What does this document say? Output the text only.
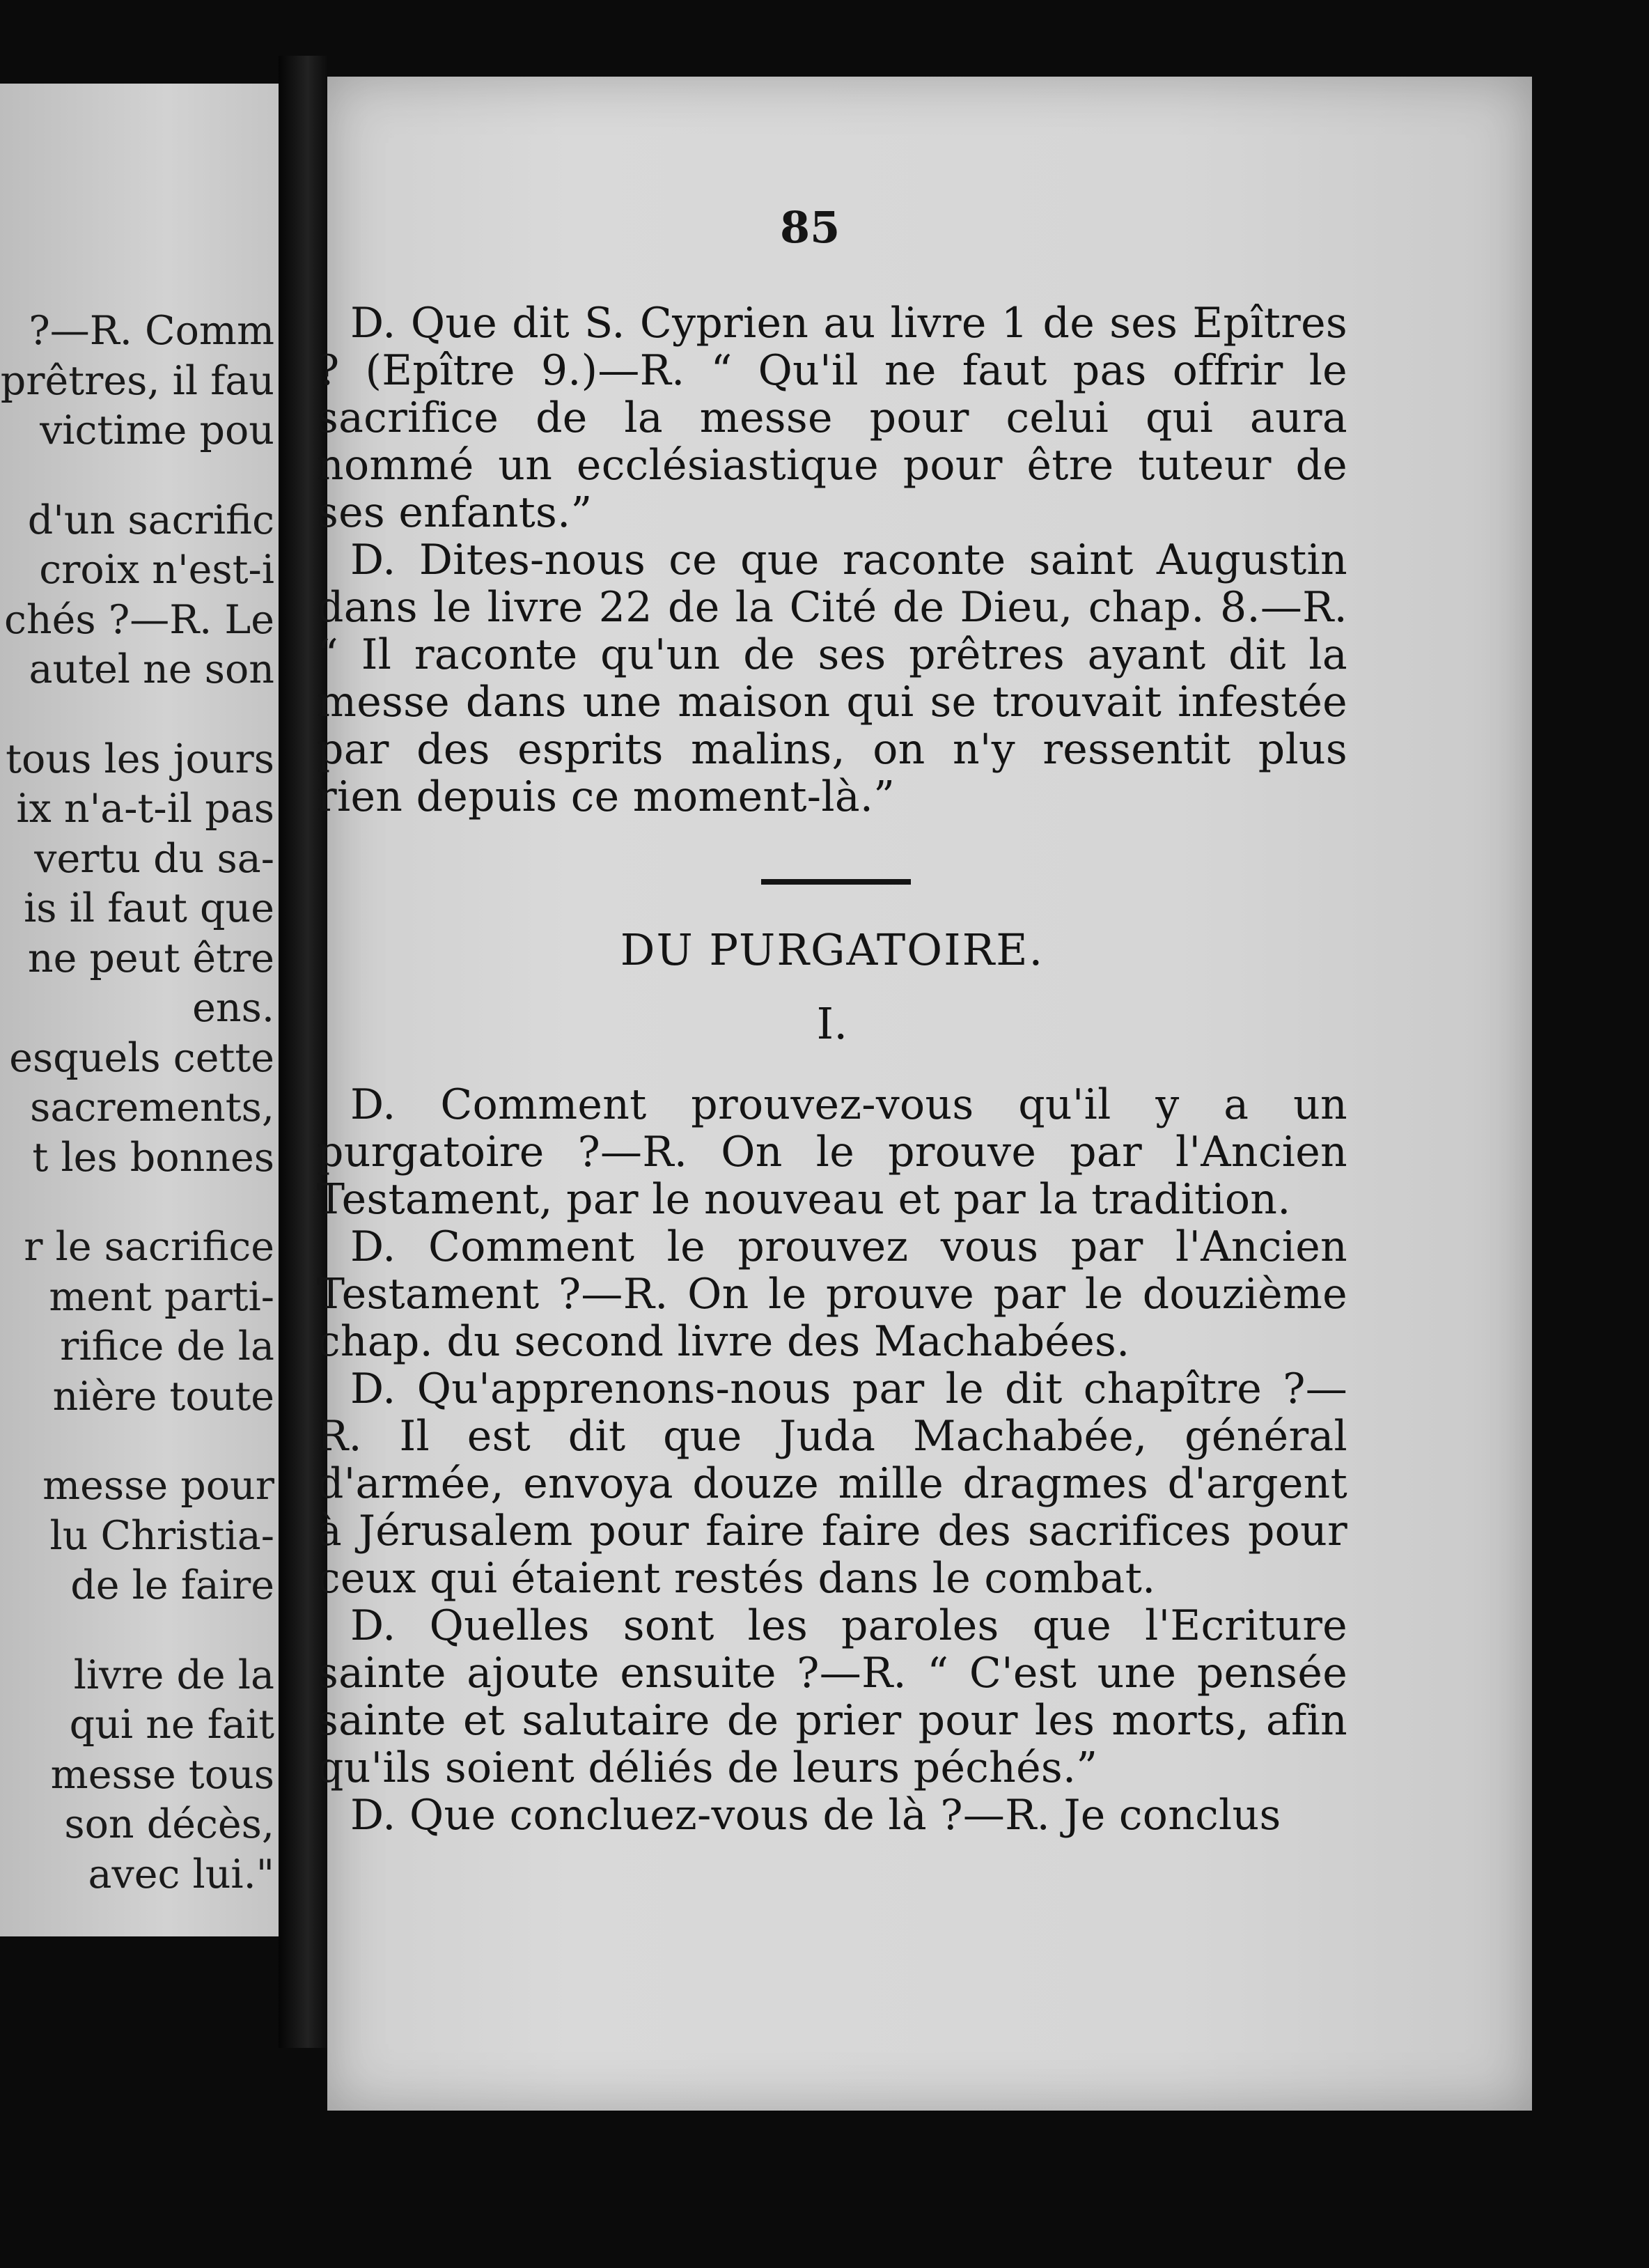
?—R. Comm
prêtres, il fau
victime pou
d'un sacrific
croix n'est-i
chés ?—R. Le
autel ne son
tous les jours
ix n'a-t-il pas
vertu du sa-
is il faut que
ne peut être
ens.
esquels cette
sacrements,
t les bonnes
r le sacrifice
ment parti-
rifice de la
nière toute
messe pour
lu Christia-
de le faire
livre de la
qui ne fait
messe tous
son décès,
avec lui."
85
D. Que dit S. Cyprien au livre 1 de ses Epîtres ? (Epître 9.)—R. “ Qu'il ne faut pas offrir le sacrifice de la messe pour celui qui aura nommé un ecclésiastique pour être tuteur de ses enfants.”
D. Dites-nous ce que raconte saint Augustin dans le livre 22 de la Cité de Dieu, chap. 8.—R. “ Il raconte qu'un de ses prêtres ayant dit la messe dans une maison qui se trouvait infestée par des esprits malins, on n'y ressentit plus rien depuis ce moment-là.”
DU PURGATOIRE.
I.
D. Comment prouvez-vous qu'il y a un purgatoire ?—R. On le prouve par l'Ancien Testament, par le nouveau et par la tradition.
D. Comment le prouvez vous par l'Ancien Testament ?—R. On le prouve par le douzième chap. du second livre des Machabées.
D. Qu'apprenons-nous par le dit chapître ?—R. Il est dit que Juda Machabée, général d'armée, envoya douze mille dragmes d'argent à Jérusalem pour faire faire des sacrifices pour ceux qui étaient restés dans le combat.
D. Quelles sont les paroles que l'Ecriture sainte ajoute ensuite ?—R. “ C'est une pensée sainte et salutaire de prier pour les morts, afin qu'ils soient déliés de leurs péchés.”
D. Que concluez-vous de là ?—R. Je conclus
